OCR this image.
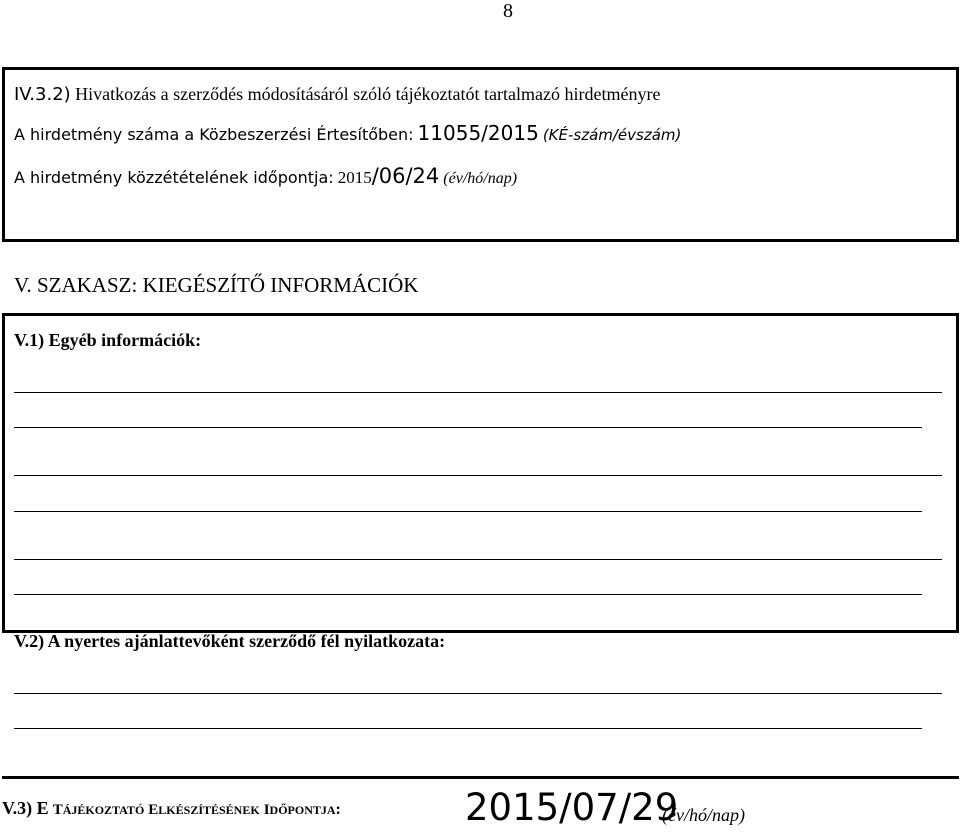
8
IV.3.2) Hivatkozás a szerződés módosításáról szóló tájékoztatót tartalmazó hirdetményre
A hirdetmény száma a Közbeszerzési Értesítőben: 11055/2015 (KÉ-szám/évszám)
A hirdetmény közzétételének időpontja: 2015/06/24 (év/hó/nap)
V. SZAKASZ: KIEGÉSZÍTŐ INFORMÁCIÓK
V.1) Egyéb információk:
V.2) A nyertes ajánlattevőként szerződő fél nyilatkozata:
V.3) E TÁJÉKOZTATÓ ELKÉSZÍTÉSÉNEK IDŐPONTJA:	2015/07/29
(év/hó/nap)
